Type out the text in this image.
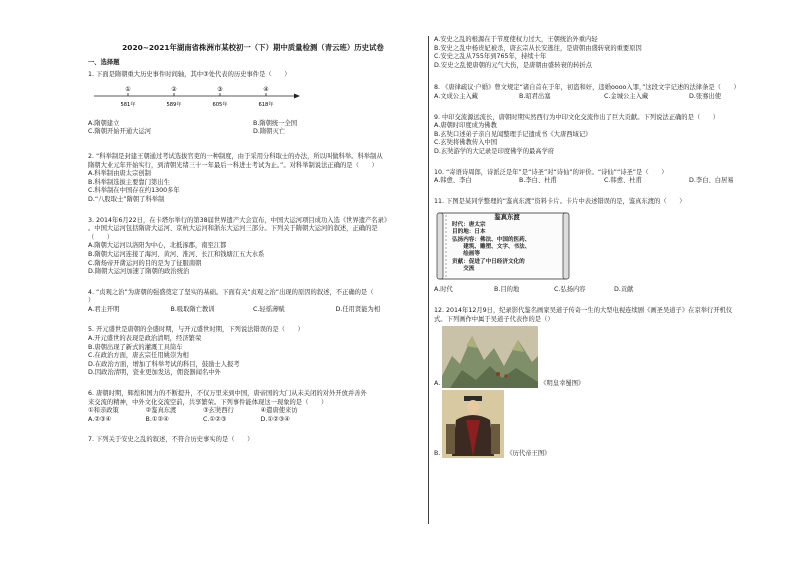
2020~2021年湖南省株洲市某校初一（下）期中质量检测（青云班）历史试卷
一、选择题
1. 下面是隋朝重大历史事件时间轴，其中③处代表的历史事件是（　　）
①
581年
②
589年
③
605年
④
618年
A.隋朝建立	B.隋朝统一全国
C.隋朝开始开通大运河	D.隋朝灭亡
2. “科举制是封建王朝通过考试选拔官吏的一种制度，由于采用分科取士的办法，所以叫做科举。科举制从
隋朝大业元年开始实行，到清朝光绪三十一年最后一科进士考试为止。”。对科举制说法正确的是（　　）
A.科举制由唐太宗创制
B.科举制选拔主要靠门第出生
C.科举制在中国存在约1300多年
D.“八股取士”隋朝了科举制
3. 2014年6月22日，在卡塔尔举行的第38届世界遗产大会宣布，中国大运河项目成功入选《世界遗产名录》
。中国大运河包括隋唐大运河、京杭大运河和浙东大运河三部分。下列关于隋朝大运河的叙述，正确的是
（　　）
A.隋朝大运河以洛阳为中心，北抵涿郡，南至江都
B.隋朝大运河连接了海河、黄河、淮河、长江和钱塘江五大水系
C.隋炀帝开凿运河的目的是为了征服南朝
D.隋朝大运河加速了隋朝的政治统治
4. “贞观之治”为唐朝的强盛奠定了坚实的基础。下面有关“贞观之治”出现的原因的叙述，不正确的是（
）
A.君主开明	B.吸取隋亡教训	C.轻徭薄赋	D.任用贤能为相
5. 开元盛世是唐朝的全盛时期，与开元盛世时期，下列说法错误的是（　　）
A.开元盛世的表现是政治清明，经济繁荣
B.唐朝出现了新式的灌溉工具筒车
C.在政治方面，唐玄宗任用姚崇为相
D.在政治方面，增加了科举考试的科目，鼓励士人报考
D.因政治清明，瓷业更加发达，佣瓷器闻名中外
6. 唐朝时期，辉煌和国力的不断提升，不仅万里来到中国，唐帝国的大门从未关闭的对外开放并善外
来交流的精神，中外文化交流空前，共享繁荣。下列事件能体现这一现象的是（　　）
①和亲政策	②鉴真东渡	③玄奘西行	④遣唐使来访
A.②③④	B.①②④	C.①②③	D.①②③④
7. 下列关于安史之乱的叙述，不符合历史事实的是（　　）
A.安史之乱的根源在于节度使权力过大，王朝统治外重内轻
B.安史之乱中杨贵妃被杀，唐玄宗从长安逃往，是唐朝由盛转衰的重要原因
C.安史之乱从755年到765年，持续十年
D.安史之乱使唐朝的元气大伤，是唐朝由盛转衰的转折点
8. 《唐律疏议·户婚》曾文规定“诸自首在于年，初盗和奸，违婚oooo入罪，”这段文字记述的法律条是（　　）
A.文成公主入藏	B.昭君出塞	C.金城公主入藏	D.张骞出使
9. 中印交流源远流长，唐朝时期实然西行为中印文化交流作出了巨大贡献。下列说法正确的是（　　）
A.唐朝时印度成为佛教
B.玄奘口述弟子亲自见闻整理手记遗成书《大唐西域记》
C.玄奘将佛教传入中国
D.玄奘游学的大记录是印度佛学的最高学府
10. “寄语诗周郎，诗派泛是年”是“诗圣”对“诗仙”的评价。“诗仙”“诗圣”是（　　）
A.韩愈、李白	B.李白、杜甫	C.韩愈、杜甫	D.李白、白居易
11. 下图是某同学整理的“鉴真东渡”资料卡片。卡片中表述错误的是，鉴真东渡的（　　）
鉴真东渡
时代：唐太宗
目的地：日本
弘扬内容：佛法、中国的医药、
　　建筑、雕塑、文字、书法、
　　绘画等
贡献：促进了中日经济文化的
　　交流
A.时代	B.目的地	C.弘扬内容	D.贡献
12. 2014年12月9日，纪录影代鉴名画家吴道子传奇一生的大型电视连续剧《画圣吴道子》在京举行开机仪
式。下列画作中属于吴道子代表作的是（）
A.	《明皇幸蜀图》
B.	《历代帝王图》
